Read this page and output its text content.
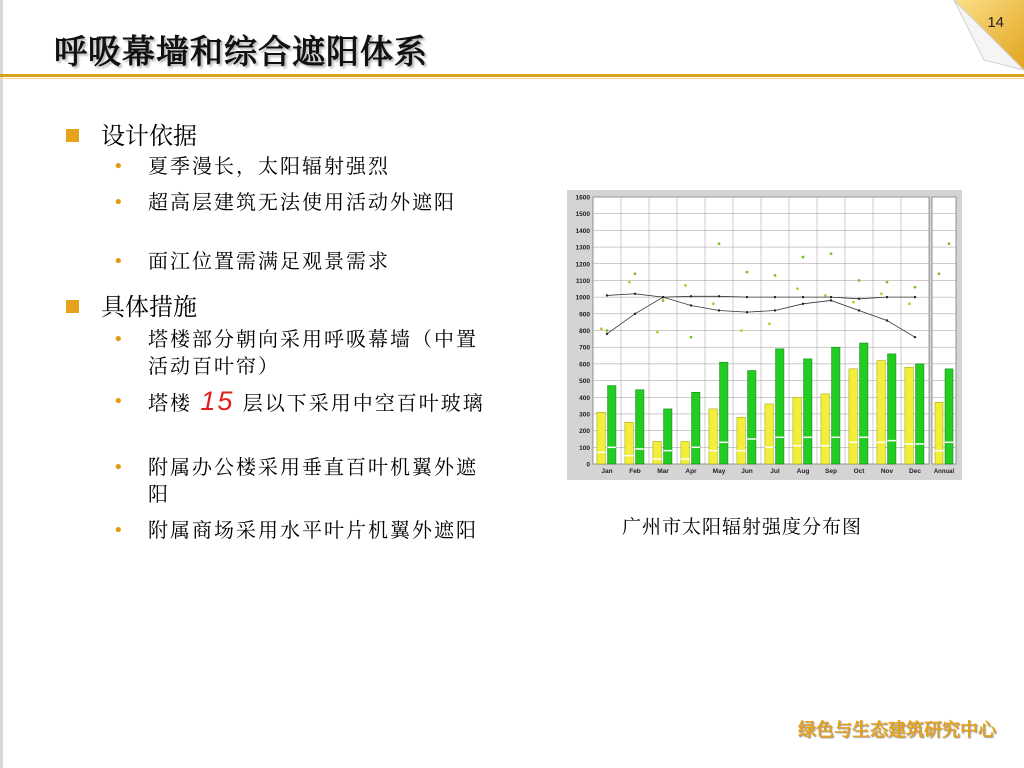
14
呼吸幕墙和综合遮阳体系
设计依据
•	夏季漫长，太阳辐射强烈
•	超高层建筑无法使用活动外遮阳
•	面江位置需满足观景需求
具体措施
•	塔楼部分朝向采用呼吸幕墙（中置活动百叶帘）
•	塔楼 15 层以下采用中空百叶玻璃
•	附属办公楼采用垂直百叶机翼外遮阳
•	附属商场采用水平叶片机翼外遮阳
0
100
200
300
400
500
600
700
800
900
1000
1100
1200
1300
1400
1500
1600
Jan	Feb	Mar	Apr May Jun	Jul	Aug Sep	Oct	Nov Dec Annual
广州市太阳辐射强度分布图
绿色与生态建筑研究中心
